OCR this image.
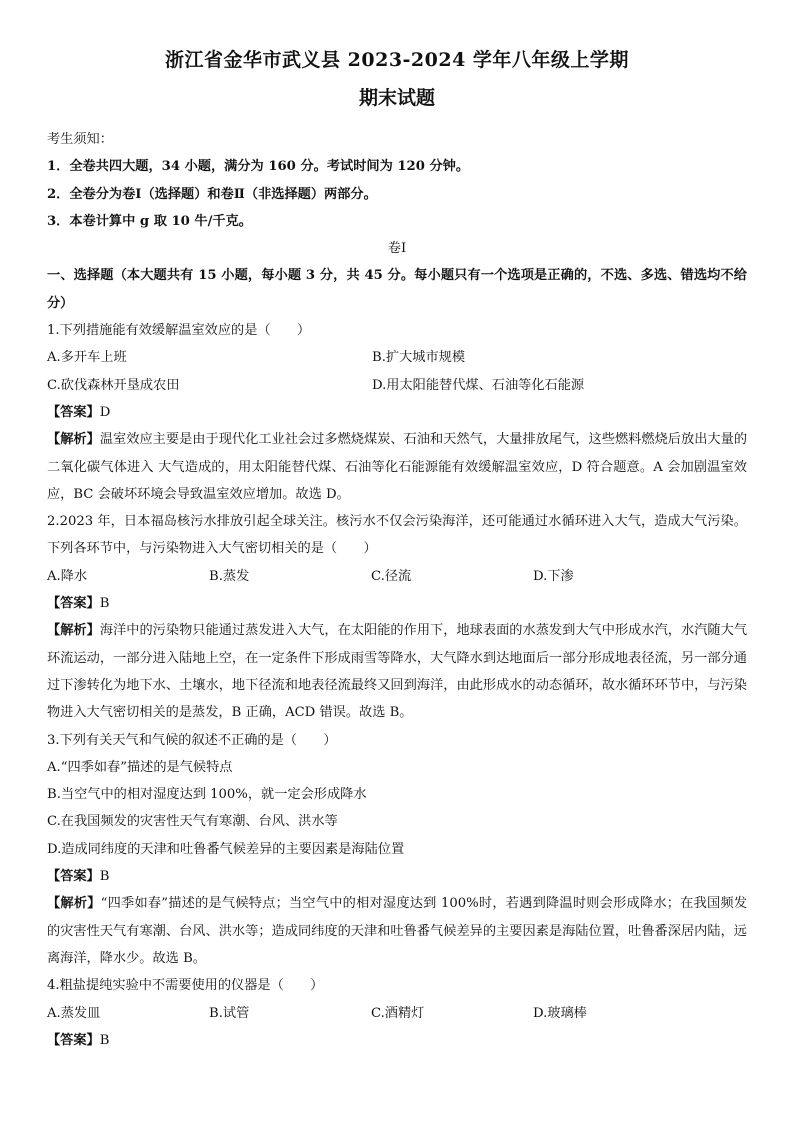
浙江省金华市武义县 2023-2024 学年八年级上学期

期末试题

考生须知：

1．全卷共四大题，34 小题，满分为 160 分。考试时间为 120 分钟。

2．全卷分为卷Ⅰ（选择题）和卷Ⅱ（非选择题）两部分。

3．本卷计算中 g 取 10 牛/千克。

卷Ⅰ

一、选择题（本大题共有 15 小题，每小题 3 分，共 45 分。每小题只有一个选项是正确的，不选、多选、错选均不给分）

1.下列措施能有效缓解温室效应的是（　　）

A.多开车上班	B.扩大城市规模
C.砍伐森林开垦成农田	D.用太阳能替代煤、石油等化石能源

【答案】D

【解析】温室效应主要是由于现代化工业社会过多燃烧煤炭、石油和天然气，大量排放尾气，这些燃料燃烧后放出大量的二氧化碳气体进入 大气造成的，用太阳能替代煤、石油等化石能源能有效缓解温室效应，D 符合题意。A 会加剧温室效应，BC 会破坏环境会导致温室效应增加。故选 D。

2.2023 年，日本福岛核污水排放引起全球关注。核污水不仅会污染海洋，还可能通过水循环进入大气，造成大气污染。下列各环节中，与污染物进入大气密切相关的是（　　）

A.降水	B.蒸发	C.径流	D.下渗

【答案】B

【解析】海洋中的污染物只能通过蒸发进入大气，在太阳能的作用下，地球表面的水蒸发到大气中形成水汽，水汽随大气环流运动，一部分进入陆地上空，在一定条件下形成雨雪等降水，大气降水到达地面后一部分形成地表径流，另一部分通过下渗转化为地下水、土壤水，地下径流和地表径流最终又回到海洋，由此形成水的动态循环，故水循环环节中，与污染物进入大气密切相关的是蒸发，B 正确，ACD 错误。故选 B。

3.下列有关天气和气候的叙述不正确的是（　　）

A.“四季如春”描述的是气候特点

B.当空气中的相对湿度达到 100%，就一定会形成降水

C.在我国频发的灾害性天气有寒潮、台风、洪水等

D.造成同纬度的天津和吐鲁番气候差异的主要因素是海陆位置

【答案】B

【解析】“四季如春”描述的是气候特点；当空气中的相对湿度达到 100%时，若遇到降温时则会形成降水；在我国频发的灾害性天气有寒潮、台风、洪水等；造成同纬度的天津和吐鲁番气候差异的主要因素是海陆位置，吐鲁番深居内陆，远离海洋，降水少。故选 B。

4.粗盐提纯实验中不需要使用的仪器是（　　）

A.蒸发皿	B.试管	C.酒精灯	D.玻璃棒

【答案】B
